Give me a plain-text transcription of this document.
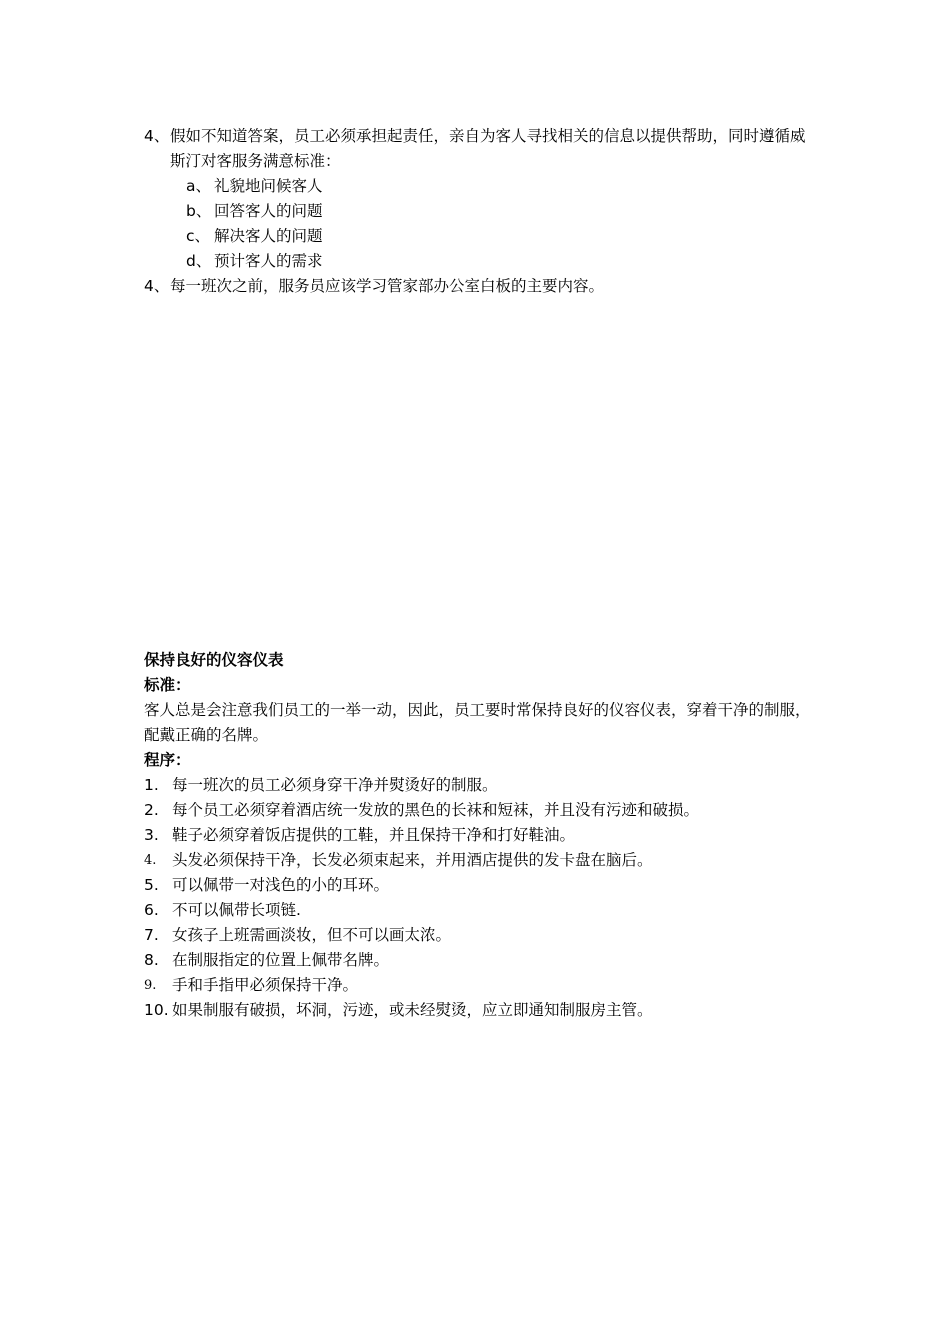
4、假如不知道答案，员工必须承担起责任，亲自为客人寻找相关的信息以提供帮助，同时遵循威斯汀对客服务满意标准：
a、 礼貌地问候客人
b、 回答客人的问题
c、 解决客人的问题
d、 预计客人的需求
4、每一班次之前，服务员应该学习管家部办公室白板的主要内容。
保持良好的仪容仪表
标准：
客人总是会注意我们员工的一举一动，因此，员工要时常保持良好的仪容仪表，穿着干净的制服，配戴正确的名牌。
程序：
1. 每一班次的员工必须身穿干净并熨烫好的制服。
2. 每个员工必须穿着酒店统一发放的黑色的长袜和短袜，并且没有污迹和破损。
3. 鞋子必须穿着饭店提供的工鞋，并且保持干净和打好鞋油。
4. 头发必须保持干净，长发必须束起来，并用酒店提供的发卡盘在脑后。
5. 可以佩带一对浅色的小的耳环。
6. 不可以佩带长项链.
7. 女孩子上班需画淡妆，但不可以画太浓。
8. 在制服指定的位置上佩带名牌。
9. 手和手指甲必须保持干净。
10. 如果制服有破损，坏洞，污迹，或未经熨烫，应立即通知制服房主管。
